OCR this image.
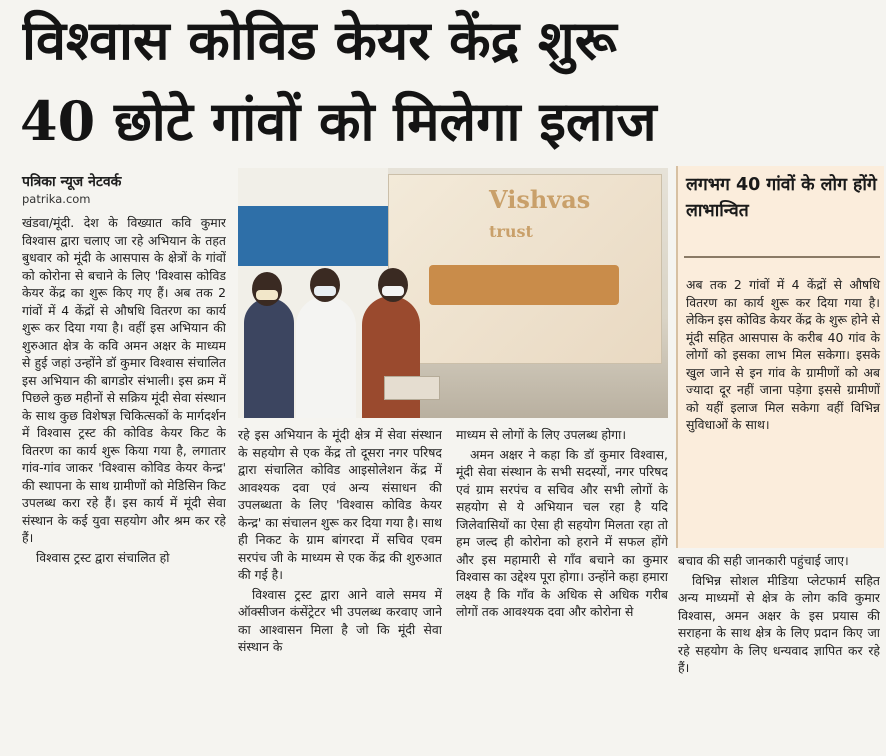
विश्वास कोविड केयर केंद्र शुरू
40 छोटे गांवों को मिलेगा इलाज
पत्रिका न्यूज नेटवर्क
patrika.com

खंडवा/मूंदी. देश के विख्यात कवि कुमार विश्वास द्वारा चलाए जा रहे अभियान के तहत बुधवार को मूंदी के आसपास के क्षेत्रों के गांवों को कोरोना से बचाने के लिए 'विश्वास कोविड केयर केंद्र का शुरू किए गए हैं। अब तक 2 गांवों में 4 केंद्रों से औषधि वितरण का कार्य शुरू कर दिया गया है। वहीं इस अभियान की शुरुआत क्षेत्र के कवि अमन अक्षर के माध्यम से हुई जहां उन्होंने डॉ कुमार विश्वास संचालित इस अभियान की बागडोर संभाली। इस क्रम में पिछले कुछ महीनों से सक्रिय मूंदी सेवा संस्थान के साथ कुछ विशेषज्ञ चिकित्सकों के मार्गदर्शन में विश्वास ट्रस्ट की कोविड केयर किट के वितरण का कार्य शुरू किया गया है, लगातार गांव-गांव जाकर 'विश्वास कोविड केयर केन्द्र' की स्थापना के साथ ग्रामीणों को मेडिसिन किट उपलब्ध करा रहे हैं। इस कार्य में मूंदी सेवा संस्थान के कई युवा सहयोग और श्रम कर रहे हैं।

विश्वास ट्रस्ट द्वारा संचालित हो

Vishvas
trust
लगभग 40 गांवों के लोग होंगे लाभान्वित
अब तक 2 गांवों में 4 केंद्रों से औषधि वितरण का कार्य शुरू कर दिया गया है। लेकिन इस कोविड केयर केंद्र के शुरू होने से मूंदी सहित आसपास के करीब 40 गांव के लोगों को इसका लाभ मिल सकेगा। इसके खुल जाने से इन गांव के ग्रामीणों को अब ज्यादा दूर नहीं जाना पड़ेगा इससे ग्रामीणों को यहीं इलाज मिल सकेगा वहीं विभिन्न सुविधाओं के साथ।

रहे इस अभियान के मूंदी क्षेत्र में सेवा संस्थान के सहयोग से एक केंद्र तो दूसरा नगर परिषद द्वारा संचालित कोविड आइसोलेशन केंद्र में आवश्यक दवा एवं अन्य संसाधन की उपलब्धता के लिए 'विश्वास कोविड केयर केन्द्र' का संचालन शुरू कर दिया गया है। साथ ही निकट के ग्राम बांगरदा में सचिव एवम सरपंच जी के माध्यम से एक केंद्र की शुरुआत की गई है।

विश्वास ट्रस्ट द्वारा आने वाले समय में ऑक्सीजन कंसेंट्रेटर भी उपलब्ध करवाए जाने का आश्वासन मिला है जो कि मूंदी सेवा संस्थान के

माध्यम से लोगों के लिए उपलब्ध होगा।

अमन अक्षर ने कहा कि डॉ कुमार विश्वास, मूंदी सेवा संस्थान के सभी सदस्यों, नगर परिषद एवं ग्राम सरपंच व सचिव और सभी लोगों के सहयोग से ये अभियान चल रहा है यदि जिलेवासियों का ऐसा ही सहयोग मिलता रहा तो हम जल्द ही कोरोना को हराने में सफल होंगे और इस महामारी से गाँव बचाने का कुमार विश्वास का उद्देश्य पूरा होगा। उन्होंने कहा हमारा लक्ष्य है कि गाँव के अधिक से अधिक गरीब लोगों तक आवश्यक दवा और कोरोना से

बचाव की सही जानकारी पहुंचाई जाए।

विभिन्न सोशल मीडिया प्लेटफार्म सहित अन्य माध्यमों से क्षेत्र के लोग कवि कुमार विश्वास, अमन अक्षर के इस प्रयास की सराहना के साथ क्षेत्र के लिए प्रदान किए जा रहे सहयोग के लिए धन्यवाद ज्ञापित कर रहे हैं।
